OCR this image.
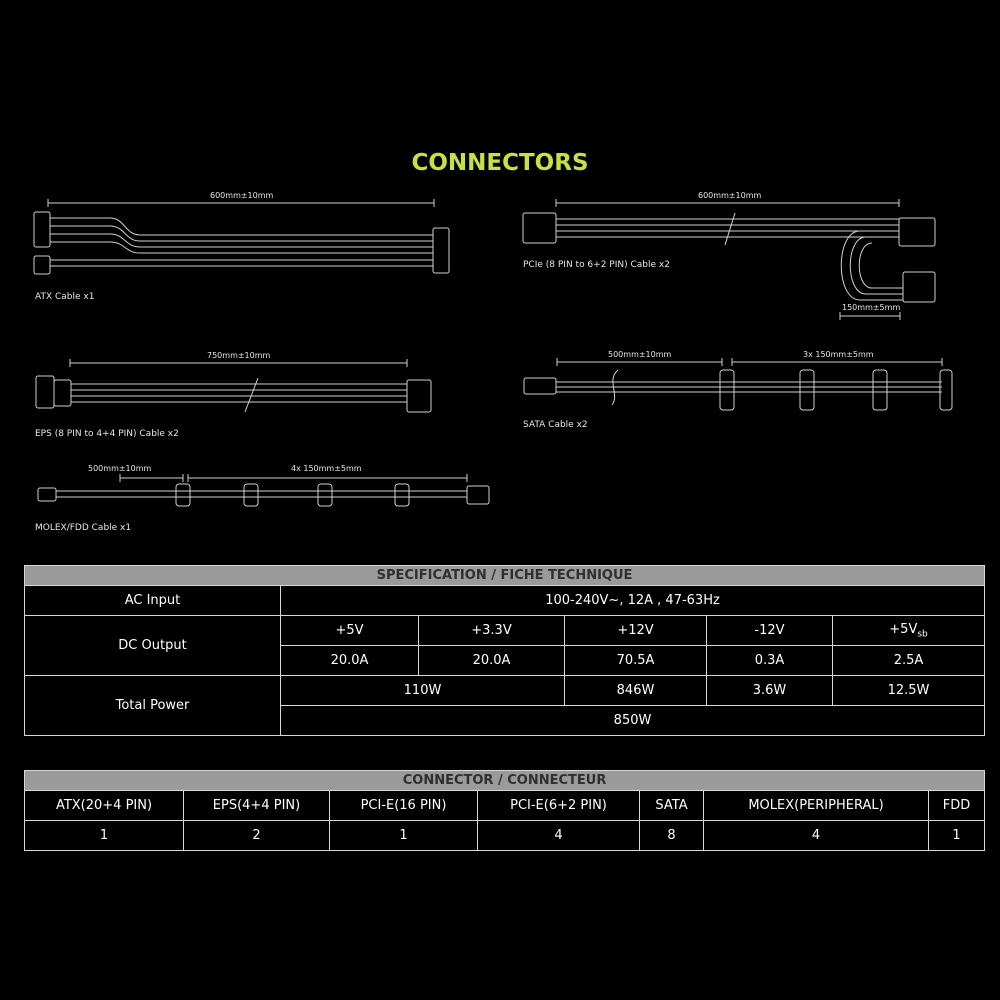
CONNECTORS
600mm±10mm
ATX Cable x1
600mm±10mm
PCIe (8 PIN to 6+2 PIN) Cable x2
150mm±5mm
750mm±10mm
EPS (8 PIN to 4+4 PIN) Cable x2
500mm±10mm	3x 150mm±5mm
SATA Cable x2
500mm±10mm	4x 150mm±5mm
MOLEX/FDD Cable x1
SPECIFICATION / FICHE TECHNIQUE					
AC Input	100-240V~, 12A , 47-63Hz				
DC Output	+5V	+3.3V	+12V	-12V	$+5V_{sb}$
	20.0A	20.0A	70.5A	0.3A	2.5A
Total Power	110W		846W	3.6W	12.5W
	850W				
CONNECTOR / CONNECTEUR						
ATX(20+4 PIN)	EPS(4+4 PIN)	PCI-E(16 PIN)	PCI-E(6+2 PIN)	SATA	MOLEX(PERIPHERAL)	FDD
1	2	1	4	8	4	1
